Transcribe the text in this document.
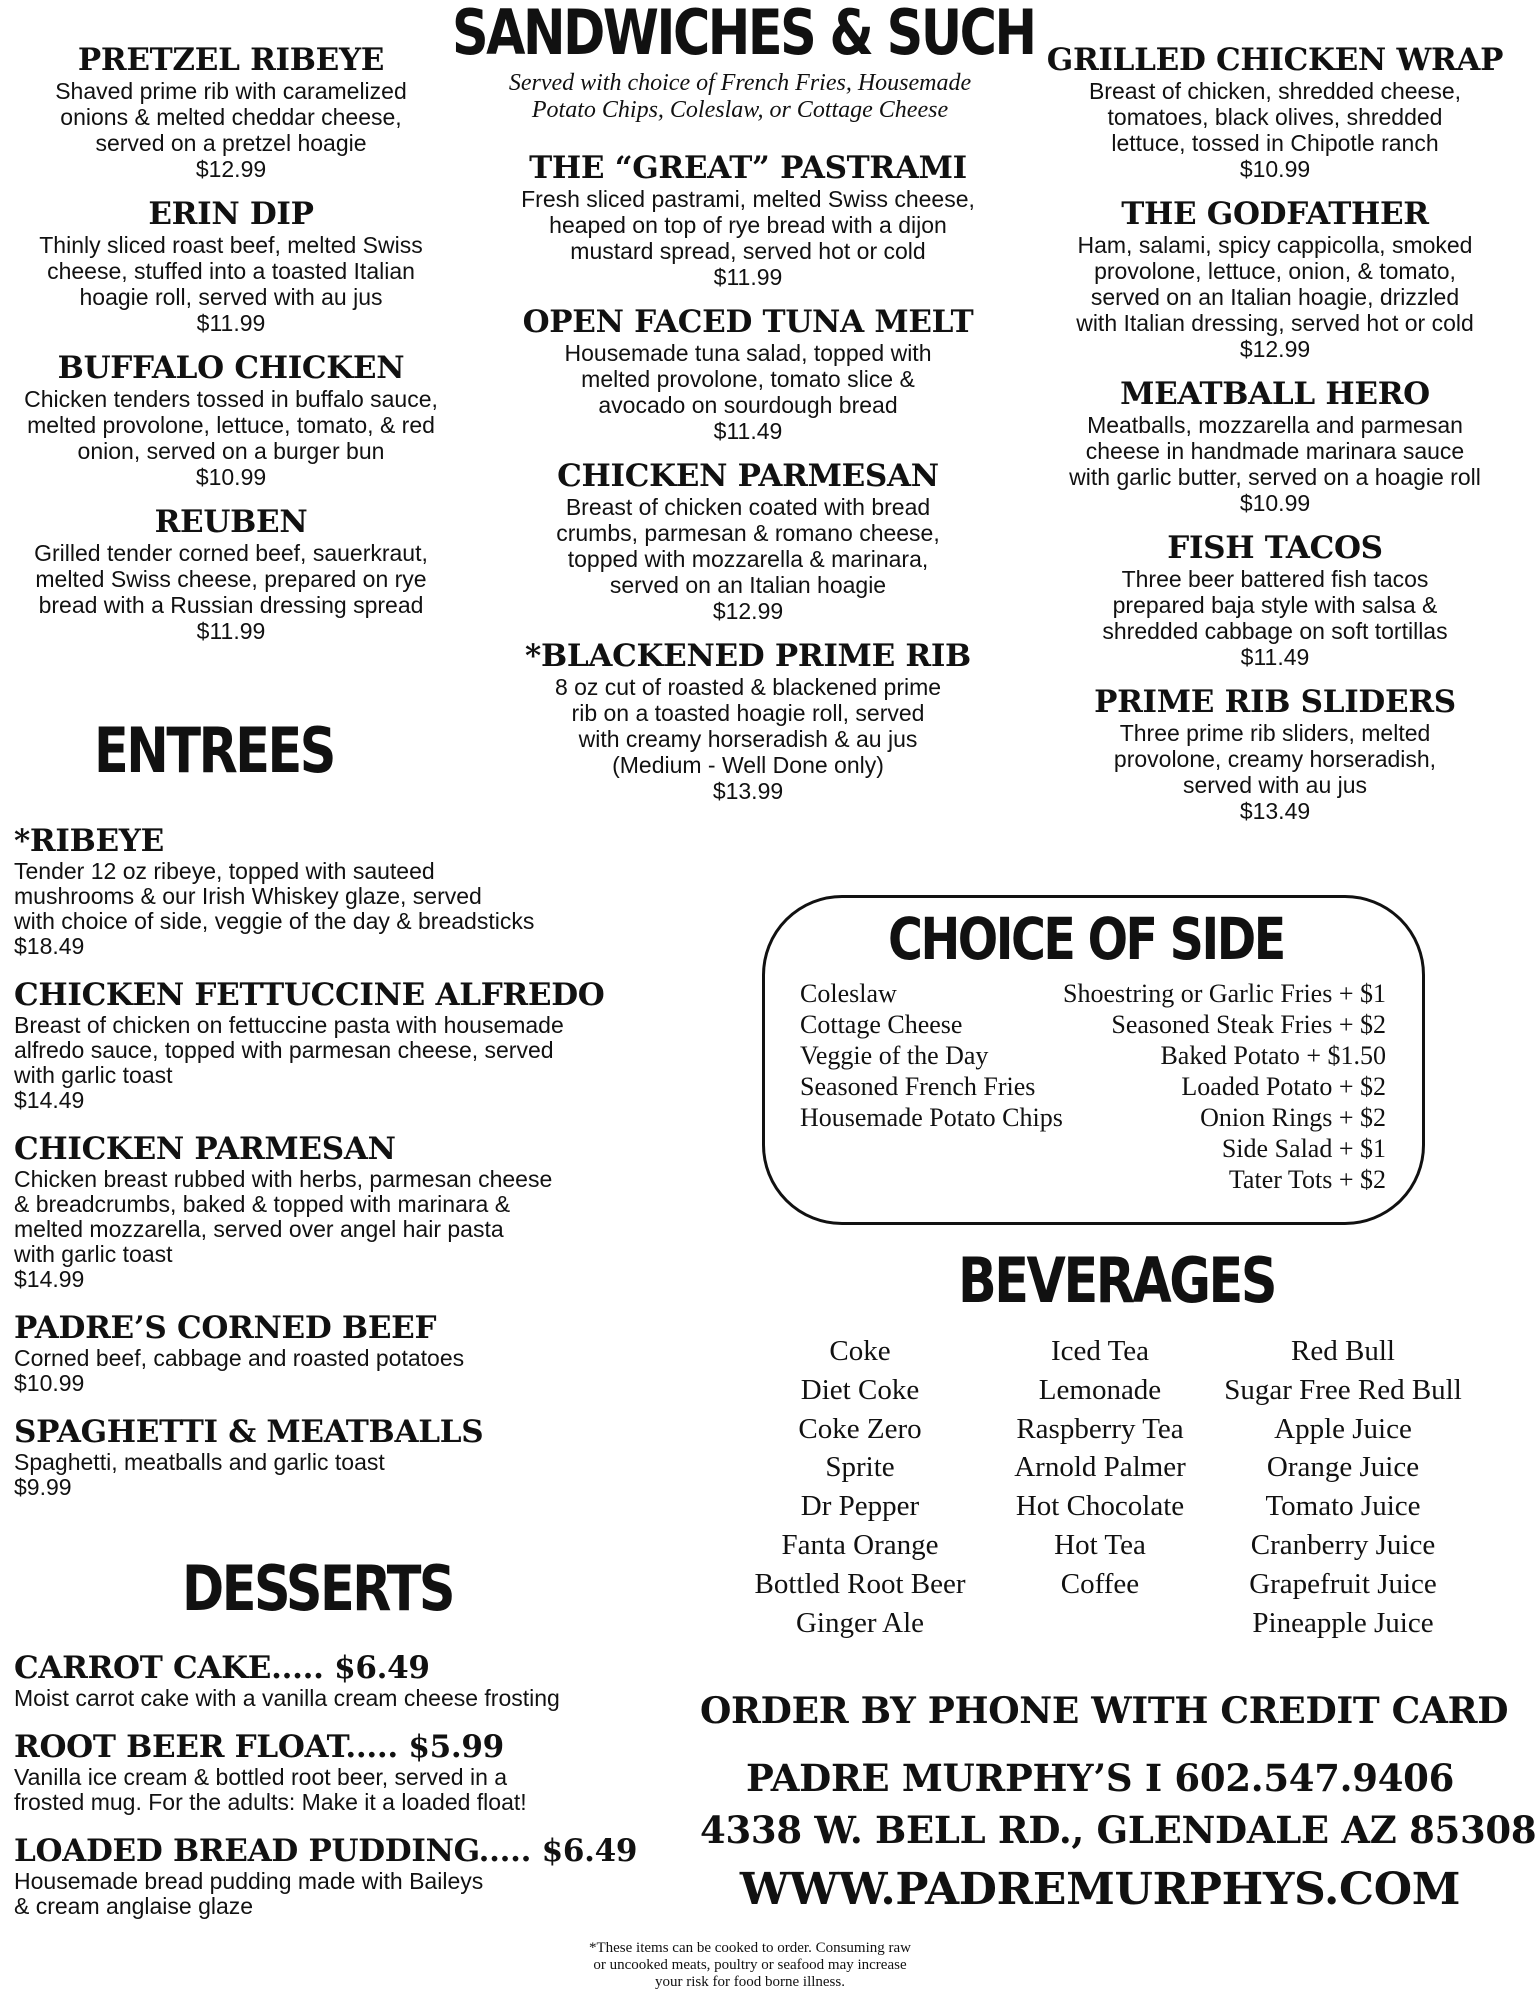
SANDWICHES & SUCH
Served with choice of French Fries, Housemade
Potato Chips, Coleslaw, or Cottage Cheese
PRETZEL RIBEYE
Shaved prime rib with caramelized
onions & melted cheddar cheese,
served on a pretzel hoagie
$12.99
ERIN DIP
Thinly sliced roast beef, melted Swiss
cheese, stuffed into a toasted Italian
hoagie roll, served with au jus
$11.99
BUFFALO CHICKEN
Chicken tenders tossed in buffalo sauce,
melted provolone, lettuce, tomato, & red
onion, served on a burger bun
$10.99
REUBEN
Grilled tender corned beef, sauerkraut,
melted Swiss cheese, prepared on rye
bread with a Russian dressing spread
$11.99
THE “GREAT” PASTRAMI
Fresh sliced pastrami, melted Swiss cheese,
heaped on top of rye bread with a dijon
mustard spread, served hot or cold
$11.99
OPEN FACED TUNA MELT
Housemade tuna salad, topped with
melted provolone, tomato slice &
avocado on sourdough bread
$11.49
CHICKEN PARMESAN
Breast of chicken coated with bread
crumbs, parmesan & romano cheese,
topped with mozzarella & marinara,
served on an Italian hoagie
$12.99
*BLACKENED PRIME RIB
8 oz cut of roasted & blackened prime
rib on a toasted hoagie roll, served
with creamy horseradish & au jus
(Medium - Well Done only)
$13.99
GRILLED CHICKEN WRAP
Breast of chicken, shredded cheese,
tomatoes, black olives, shredded
lettuce, tossed in Chipotle ranch
$10.99
THE GODFATHER
Ham, salami, spicy cappicolla, smoked
provolone, lettuce, onion, & tomato,
served on an Italian hoagie, drizzled
with Italian dressing, served hot or cold
$12.99
MEATBALL HERO
Meatballs, mozzarella and parmesan
cheese in handmade marinara sauce
with garlic butter, served on a hoagie roll
$10.99
FISH TACOS
Three beer battered fish tacos
prepared baja style with salsa &
shredded cabbage on soft tortillas
$11.49
PRIME RIB SLIDERS
Three prime rib sliders, melted
provolone, creamy horseradish,
served with au jus
$13.49
ENTREES
*RIBEYE
Tender 12 oz ribeye, topped with sauteed
mushrooms & our Irish Whiskey glaze, served
with choice of side, veggie of the day & breadsticks
$18.49
CHICKEN FETTUCCINE ALFREDO
Breast of chicken on fettuccine pasta with housemade
alfredo sauce, topped with parmesan cheese, served
with garlic toast
$14.49
CHICKEN PARMESAN
Chicken breast rubbed with herbs, parmesan cheese
& breadcrumbs, baked & topped with marinara &
melted mozzarella, served over angel hair pasta
with garlic toast
$14.99
PADRE’S CORNED BEEF
Corned beef, cabbage and roasted potatoes
$10.99
SPAGHETTI & MEATBALLS
Spaghetti, meatballs and garlic toast
$9.99
DESSERTS
CARROT CAKE..... $6.49
Moist carrot cake with a vanilla cream cheese frosting
ROOT BEER FLOAT..... $5.99
Vanilla ice cream & bottled root beer, served in a
frosted mug. For the adults: Make it a loaded float!
LOADED BREAD PUDDING..... $6.49
Housemade bread pudding made with Baileys
& cream anglaise glaze
CHOICE OF SIDE
Coleslaw
Cottage Cheese
Veggie of the Day
Seasoned French Fries
Housemade Potato Chips
Shoestring or Garlic Fries + $1
Seasoned Steak Fries + $2
Baked Potato + $1.50
Loaded Potato + $2
Onion Rings + $2
Side Salad + $1
Tater Tots + $2
BEVERAGES
Coke
Diet Coke
Coke Zero
Sprite
Dr Pepper
Fanta Orange
Bottled Root Beer
Ginger Ale
Iced Tea
Lemonade
Raspberry Tea
Arnold Palmer
Hot Chocolate
Hot Tea
Coffee
Red Bull
Sugar Free Red Bull
Apple Juice
Orange Juice
Tomato Juice
Cranberry Juice
Grapefruit Juice
Pineapple Juice
ORDER BY PHONE WITH CREDIT CARD
PADRE MURPHY’S I 602.547.9406
4338 W. BELL RD., GLENDALE AZ 85308
WWW.PADREMURPHYS.COM
*These items can be cooked to order. Consuming raw
or uncooked meats, poultry or seafood may increase
your risk for food borne illness.
